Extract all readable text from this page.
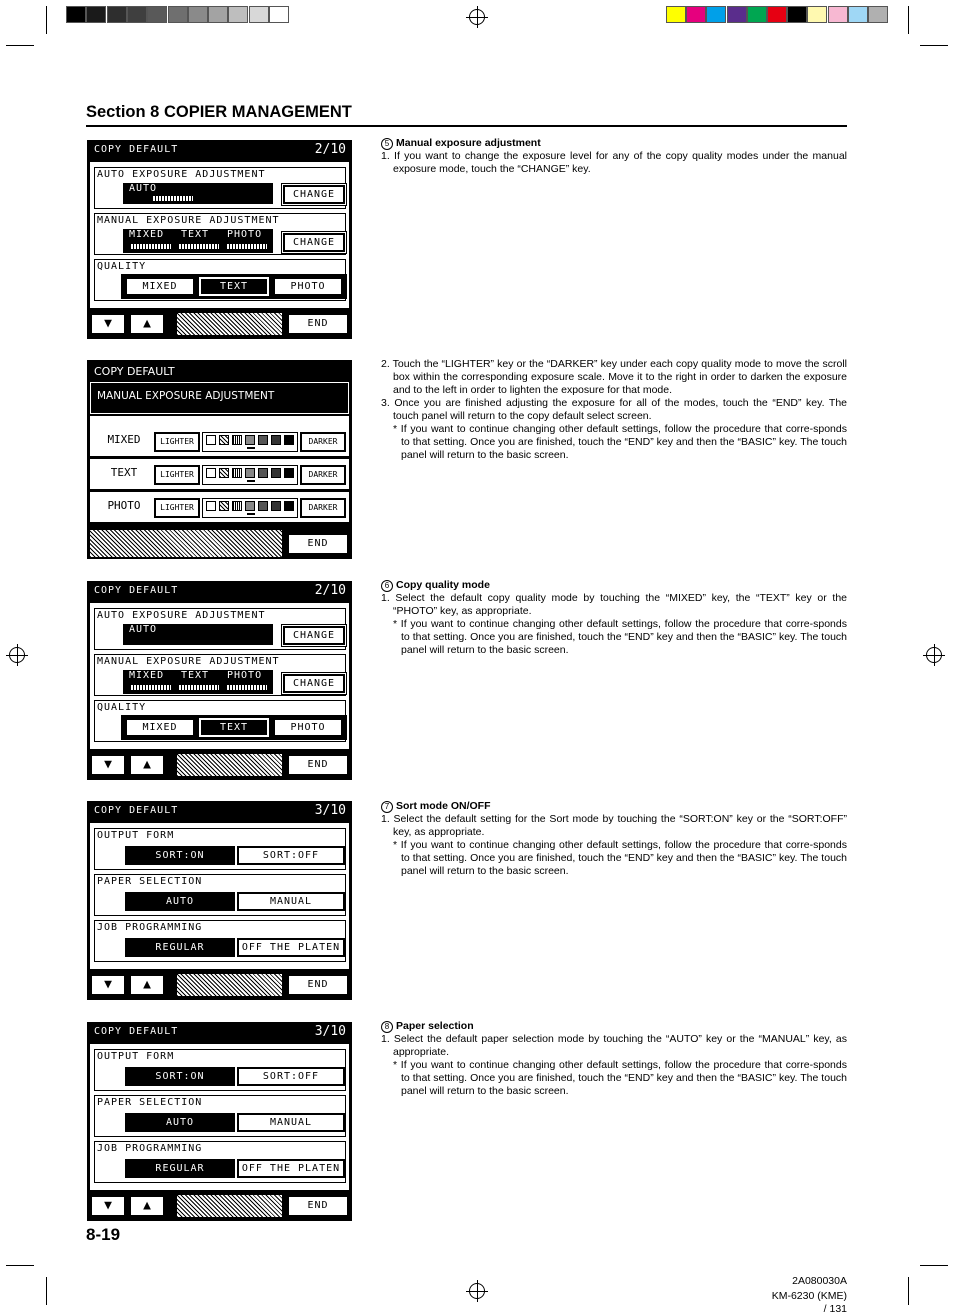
Section 8 COPIER MANAGEMENT
COPY DEFAULT	2/10
AUTO EXPOSURE ADJUSTMENT
AUTO
CHANGE
MANUAL EXPOSURE ADJUSTMENT
MIXED TEXT PHOTO
CHANGE
QUALITY
MIXED	TEXT	PHOTO
▼	▲	END
COPY DEFAULT
MANUAL EXPOSURE ADJUSTMENT
MIXED	LIGHTER	DARKER
TEXT	LIGHTER	DARKER
PHOTO	LIGHTER	DARKER
END
COPY DEFAULT	2/10
AUTO EXPOSURE ADJUSTMENT
AUTO
CHANGE
MANUAL EXPOSURE ADJUSTMENT
MIXED TEXT PHOTO
CHANGE
QUALITY
MIXED	TEXT	PHOTO
▼	▲	END
COPY DEFAULT	3/10
OUTPUT FORM
SORT:ON	SORT:OFF
PAPER SELECTION
AUTO	MANUAL
JOB PROGRAMMING
REGULAR	OFF THE PLATEN
▼	▲	END
COPY DEFAULT	3/10
OUTPUT FORM
SORT:ON	SORT:OFF
PAPER SELECTION
AUTO	MANUAL
JOB PROGRAMMING
REGULAR	OFF THE PLATEN
▼	▲	END

5 Manual exposure adjustment

1. If you want to change the exposure level for any of the copy quality modes under the manual exposure mode, touch the “CHANGE” key.

2. Touch the “LIGHTER” key or the “DARKER” key under each copy quality mode to move the scroll box within the corresponding exposure scale. Move it to the right in order to darken the exposure and to the left in order to lighten the exposure for that mode.

3. Once you are finished adjusting the exposure for all of the modes, touch the “END” key. The touch panel will return to the copy default select screen.

* If you want to continue changing other default settings, follow the procedure that corre-sponds to that setting. Once you are finished, touch the “END” key and then the “BASIC” key. The touch panel will return to the basic screen.

6 Copy quality mode

1. Select the default copy quality mode by touching the “MIXED” key, the “TEXT” key or the “PHOTO” key, as appropriate.

* If you want to continue changing other default settings, follow the procedure that corre-sponds to that setting. Once you are finished, touch the “END” key and then the “BASIC” key. The touch panel will return to the basic screen.

7 Sort mode ON/OFF

1. Select the default setting for the Sort mode by touching the “SORT:ON” key or the “SORT:OFF” key, as appropriate.

* If you want to continue changing other default settings, follow the procedure that corre-sponds to that setting. Once you are finished, touch the “END” key and then the “BASIC” key. The touch panel will return to the basic screen.

8 Paper selection

1. Select the default paper selection mode by touching the “AUTO” key or the “MANUAL” key, as appropriate.

* If you want to continue changing other default settings, follow the procedure that corre-sponds to that setting. Once you are finished, touch the “END” key and then the “BASIC” key. The touch panel will return to the basic screen.

8-19
2A080030A
KM-6230 (KME)
/ 131
